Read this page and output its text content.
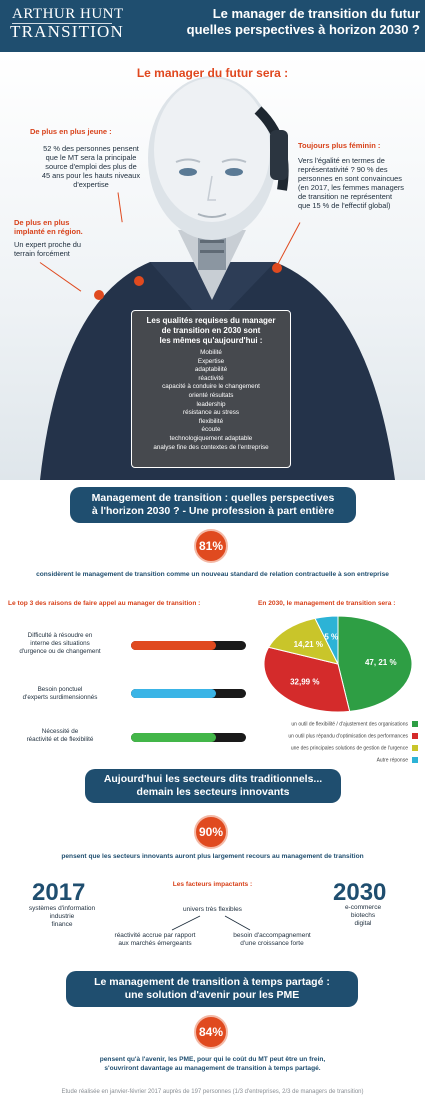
ARTHUR HUNT
TRANSITION
Le manager de transition du futur
quelles perspectives à horizon 2030 ?
Le manager du futur sera :
De plus en plus jeune :
52 % des personnes pensent
que le MT sera la principale
source d'emploi des plus de
45 ans pour les hauts niveaux
d'expertise
De plus en plus
implanté en région.
Un expert proche du
terrain forcément
Toujours plus féminin :
Vers l'égalité en termes de
représentativité ? 90 % des
personnes en sont convaincues
(en 2017, les femmes managers
de transition ne représentent
que 15 % de l'effectif global)
Les qualités requises du manager
de transition en 2030 sont
les mêmes qu'aujourd'hui :
Mobilité
Expertise
adaptabilité
réactivité
capacité à conduire le changement
orienté résultats
leadership
résistance au stress
flexibilité
écoute
technologiquement adaptable
analyse fine des contextes de l'entreprise
Management de transition : quelles perspectives
à l'horizon 2030 ? - Une profession à part entière
81%
considèrent le management de transition comme un nouveau standard de relation contractuelle à son entreprise
Le top 3 des raisons de faire appel au manager de transition :
Difficulté à résoudre en
interne des situations
d'urgence ou de changement
Besoin ponctuel
d'experts surdimensionnés
Nécessité de
réactivité et de flexibilité
En 2030, le management de transition sera :
47, 21 %
32,99 %
14,21 %
5 %
un outil de flexibilité / d'ajustement des organisations
un outil plus répandu d'optimisation des performances
une des principales solutions de gestion de l'urgence
Autre réponse
Aujourd'hui les secteurs dits traditionnels...
demain les secteurs innovants
90%
pensent que les secteurs innovants auront plus largement recours au management de transition
2017
systèmes d'information
industrie
finance
Les facteurs impactants :
univers très flexibles
réactivité accrue par rapport
aux marchés émergeants
besoin d'accompagnement
d'une croissance forte
2030
e-commerce
biotechs
digital
Le management de transition à temps partagé :
une solution d'avenir pour les PME
84%
pensent qu'à l'avenir, les PME, pour qui le coût du MT peut être un frein,
s'ouvriront davantage au management de transition à temps partagé.
Etude réalisée en janvier-février 2017 auprès de 197 personnes (1/3 d'entreprises, 2/3 de managers de transition)
